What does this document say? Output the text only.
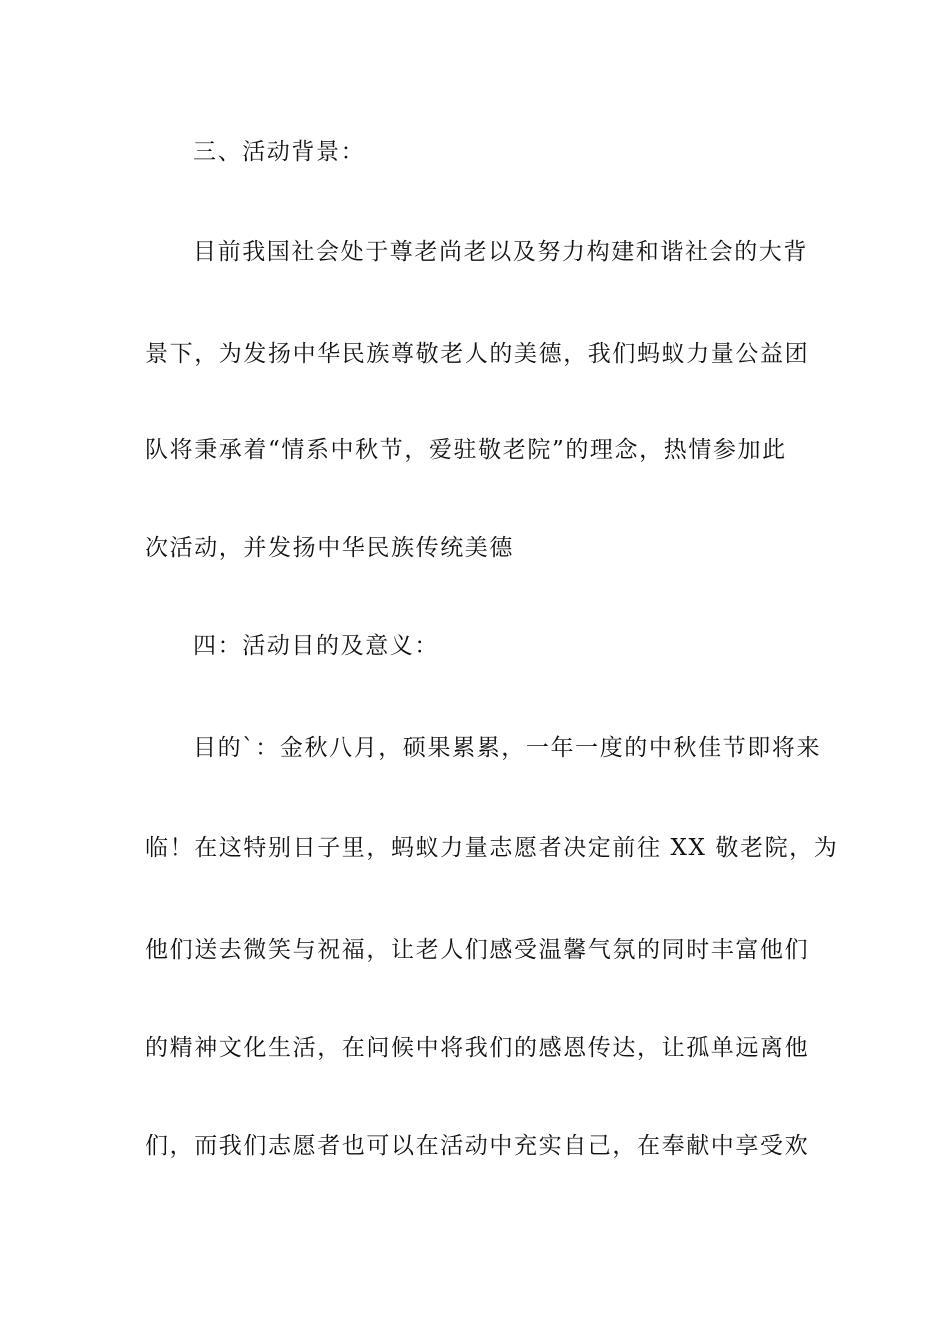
三、活动背景：
目前我国社会处于尊老尚老以及努力构建和谐社会的大背
景下，为发扬中华民族尊敬老人的美德，我们蚂蚁力量公益团
队将秉承着“情系中秋节，爱驻敬老院”的理念，热情参加此
次活动，并发扬中华民族传统美德
四：活动目的及意义：
目的`：金秋八月，硕果累累，一年一度的中秋佳节即将来
临！在这特别日子里，蚂蚁力量志愿者决定前往 XX 敬老院，为
他们送去微笑与祝福，让老人们感受温馨气氛的同时丰富他们
的精神文化生活，在问候中将我们的感恩传达，让孤单远离他
们，而我们志愿者也可以在活动中充实自己，在奉献中享受欢
